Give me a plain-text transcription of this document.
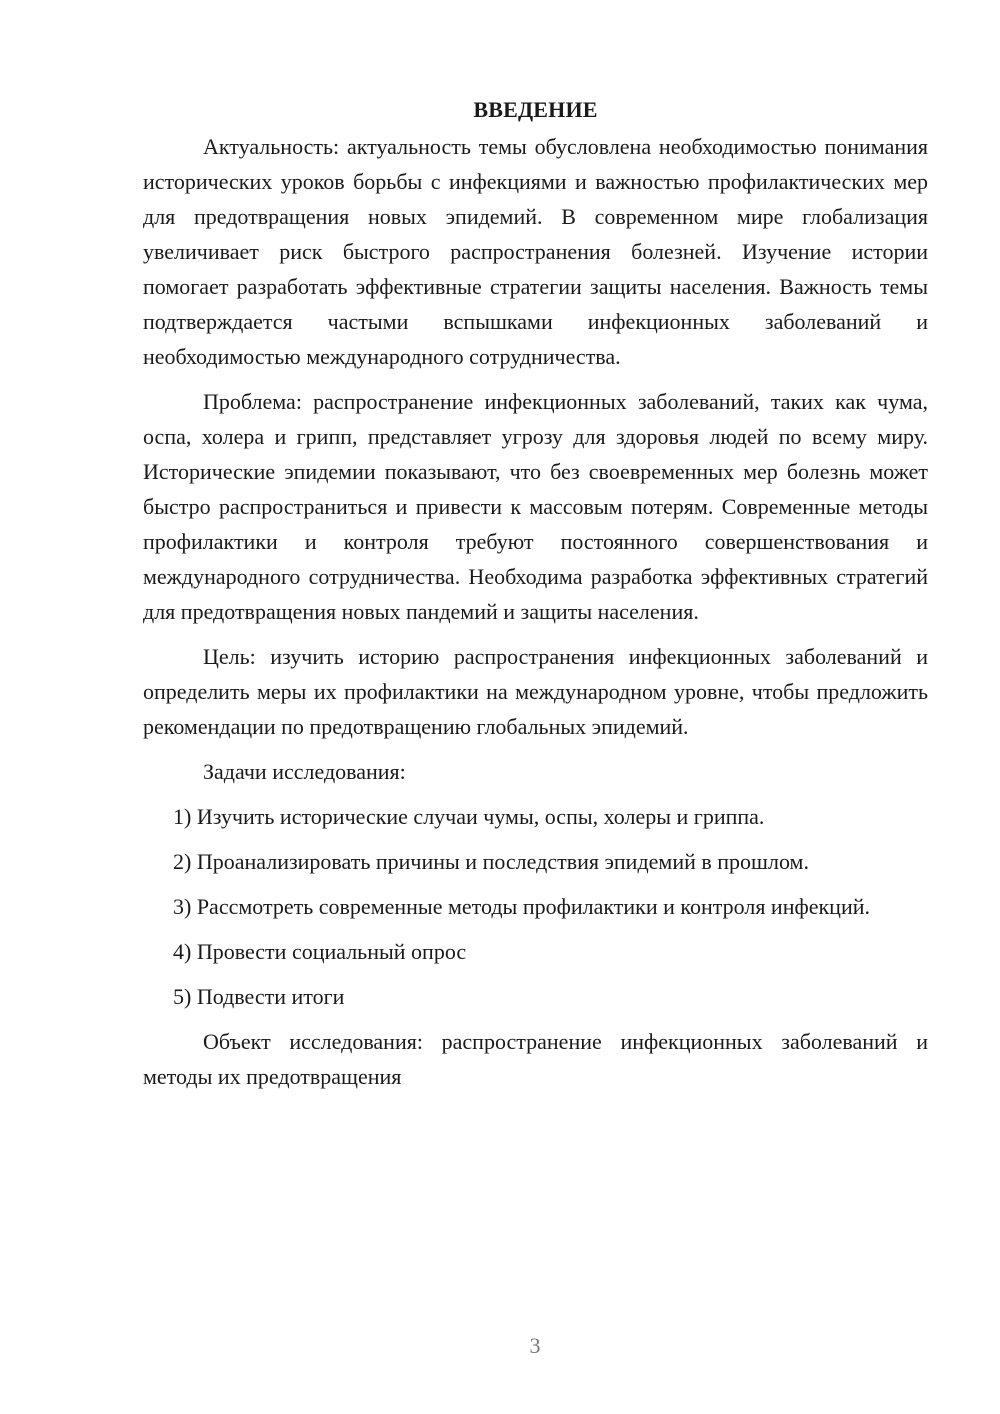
ВВЕДЕНИЕ

Актуальность: актуальность темы обусловлена необходимостью понимания исторических уроков борьбы с инфекциями и важностью профилактических мер для предотвращения новых эпидемий. В современном мире глобализация увеличивает риск быстрого распространения болезней. Изучение истории помогает разработать эффективные стратегии защиты населения. Важность темы подтверждается частыми вспышками инфекционных заболеваний и необходимостью международного сотрудничества.

Проблема: распространение инфекционных заболеваний, таких как чума, оспа, холера и грипп, представляет угрозу для здоровья людей по всему миру. Исторические эпидемии показывают, что без своевременных мер болезнь может быстро распространиться и привести к массовым потерям. Современные методы профилактики и контроля требуют постоянного совершенствования и международного сотрудничества. Необходима разработка эффективных стратегий для предотвращения новых пандемий и защиты населения.

Цель: изучить историю распространения инфекционных заболеваний и определить меры их профилактики на международном уровне, чтобы предложить рекомендации по предотвращению глобальных эпидемий.

Задачи исследования:

1) Изучить исторические случаи чумы, оспы, холеры и гриппа.

2) Проанализировать причины и последствия эпидемий в прошлом.

3) Рассмотреть современные методы профилактики и контроля инфекций.

4) Провести социальный опрос

5) Подвести итоги

Объект исследования: распространение инфекционных заболеваний и методы их предотвращения

3
